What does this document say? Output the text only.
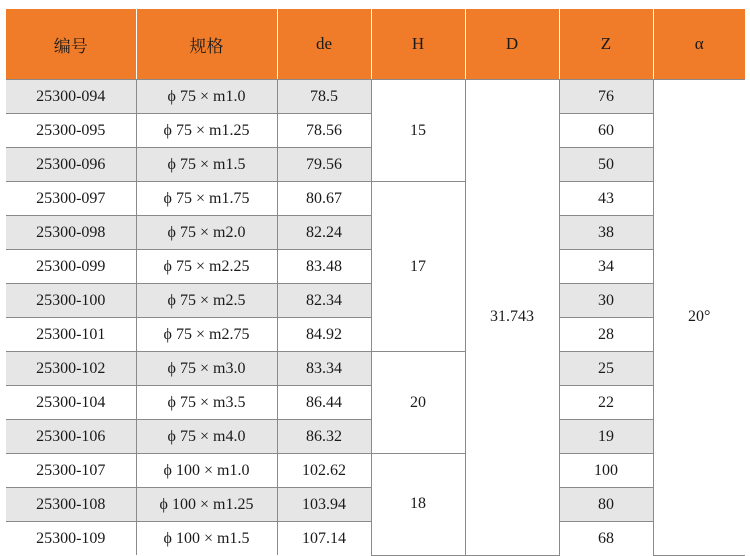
编号	规格	de	H	D	Z	α
25300-094	ϕ 75 × m1.0	78.5	15	31.743	76	20°
25300-095	ϕ 75 × m1.25	78.56			60	
25300-096	ϕ 75 × m1.5	79.56			50	
25300-097	ϕ 75 × m1.75	80.67	17		43	
25300-098	ϕ 75 × m2.0	82.24			38	
25300-099	ϕ 75 × m2.25	83.48			34	
25300-100	ϕ 75 × m2.5	82.34			30	
25300-101	ϕ 75 × m2.75	84.92			28	
25300-102	ϕ 75 × m3.0	83.34	20		25	
25300-104	ϕ 75 × m3.5	86.44			22	
25300-106	ϕ 75 × m4.0	86.32			19	
25300-107	ϕ 100 × m1.0	102.62	18		100	
25300-108	ϕ 100 × m1.25	103.94			80	
25300-109	ϕ 100 × m1.5	107.14			68	
